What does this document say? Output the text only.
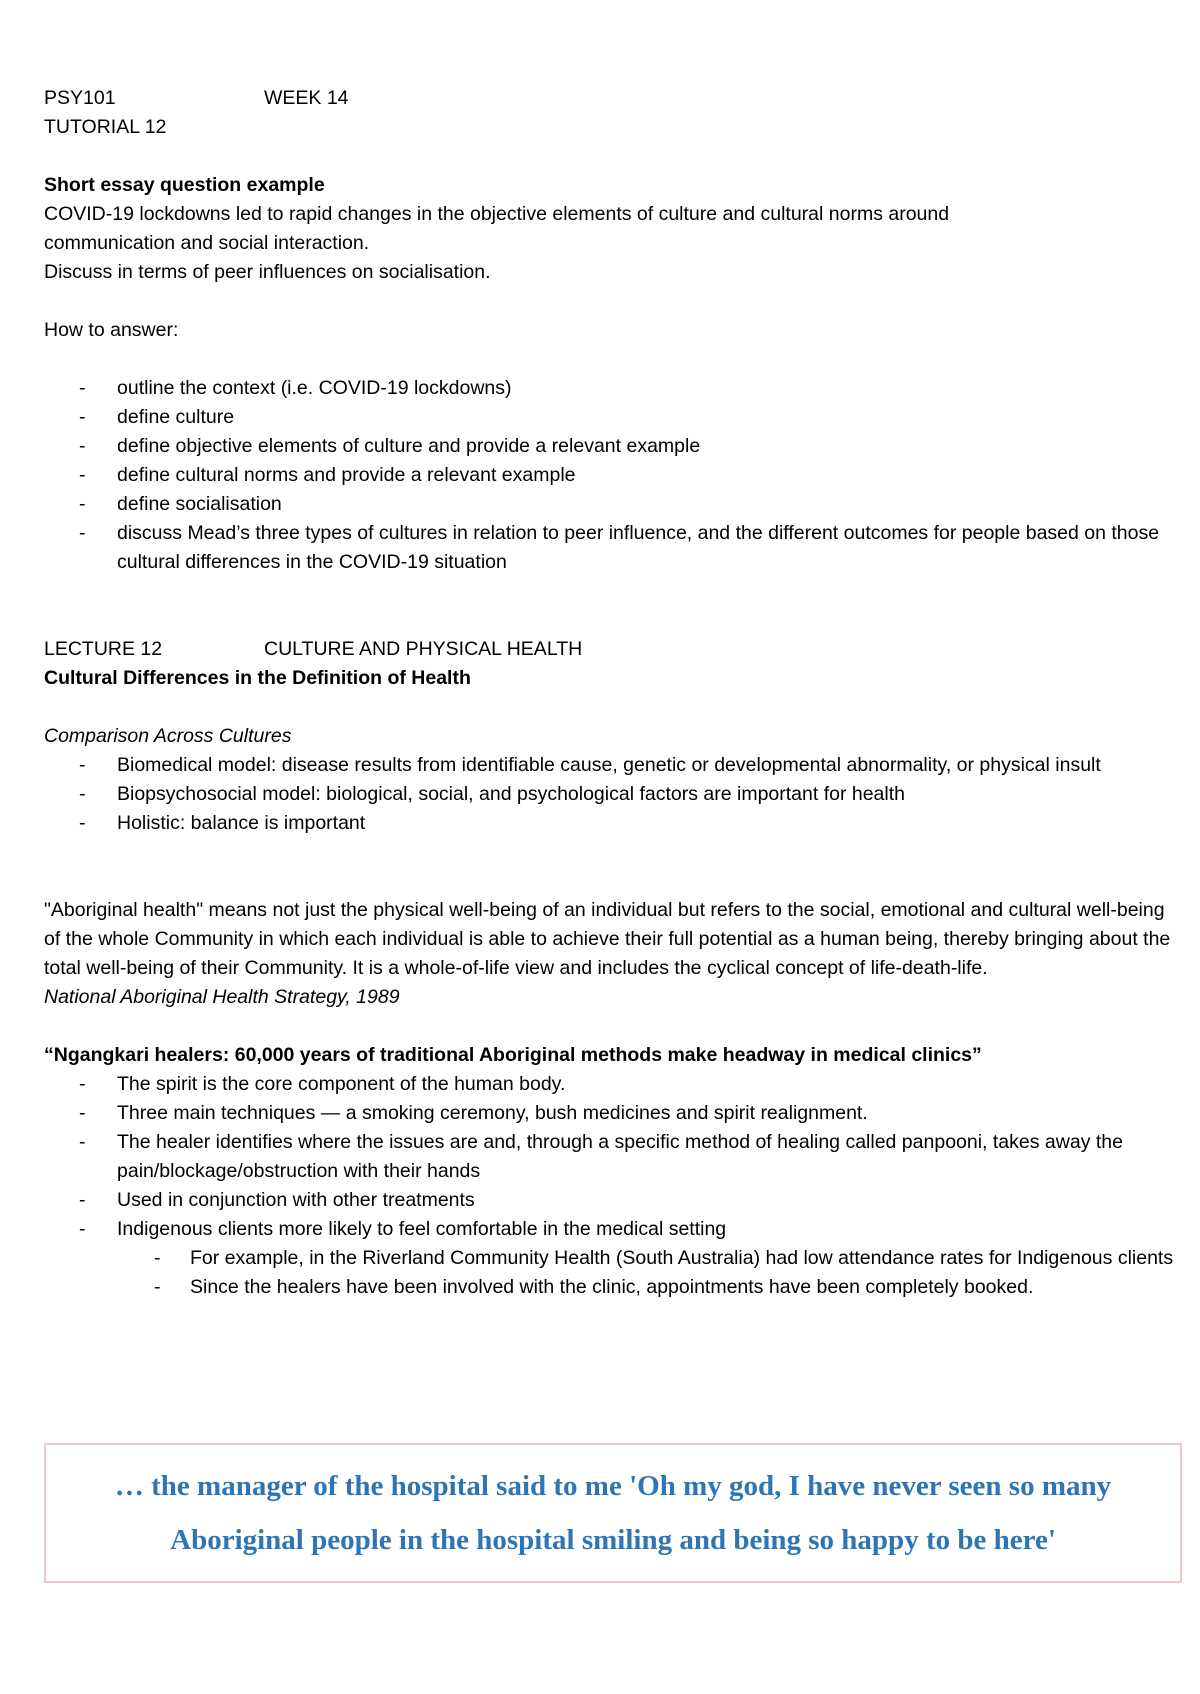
PSY101	WEEK 14
TUTORIAL 12
Short essay question example
COVID-19 lockdowns led to rapid changes in the objective elements of culture and cultural norms around
communication and social interaction.
Discuss in terms of peer influences on socialisation.
How to answer:
- outline the context (i.e. COVID-19 lockdowns)
- define culture
- define objective elements of culture and provide a relevant example
- define cultural norms and provide a relevant example
- define socialisation
- discuss Mead’s three types of cultures in relation to peer influence, and the different outcomes for people based on those cultural differences in the COVID-19 situation
LECTURE 12	CULTURE AND PHYSICAL HEALTH
Cultural Differences in the Definition of Health
Comparison Across Cultures
- Biomedical model: disease results from identifiable cause, genetic or developmental abnormality, or physical insult
- Biopsychosocial model: biological, social, and psychological factors are important for health
- Holistic: balance is important
"Aboriginal health" means not just the physical well-being of an individual but refers to the social, emotional and cultural well-being of the whole Community in which each individual is able to achieve their full potential as a human being, thereby bringing about the total well-being of their Community. It is a whole-of-life view and includes the cyclical concept of life-death-life.
National Aboriginal Health Strategy, 1989
“Ngangkari healers: 60,000 years of traditional Aboriginal methods make headway in medical clinics”
- The spirit is the core component of the human body.
- Three main techniques — a smoking ceremony, bush medicines and spirit realignment.
- The healer identifies where the issues are and, through a specific method of healing called panpooni, takes away the pain/blockage/obstruction with their hands
- Used in conjunction with other treatments
- Indigenous clients more likely to feel comfortable in the medical setting
- For example, in the Riverland Community Health (South Australia) had low attendance rates for Indigenous clients
- Since the healers have been involved with the clinic, appointments have been completely booked.
… the manager of the hospital said to me 'Oh my god, I have never seen so many
Aboriginal people in the hospital smiling and being so happy to be here'
